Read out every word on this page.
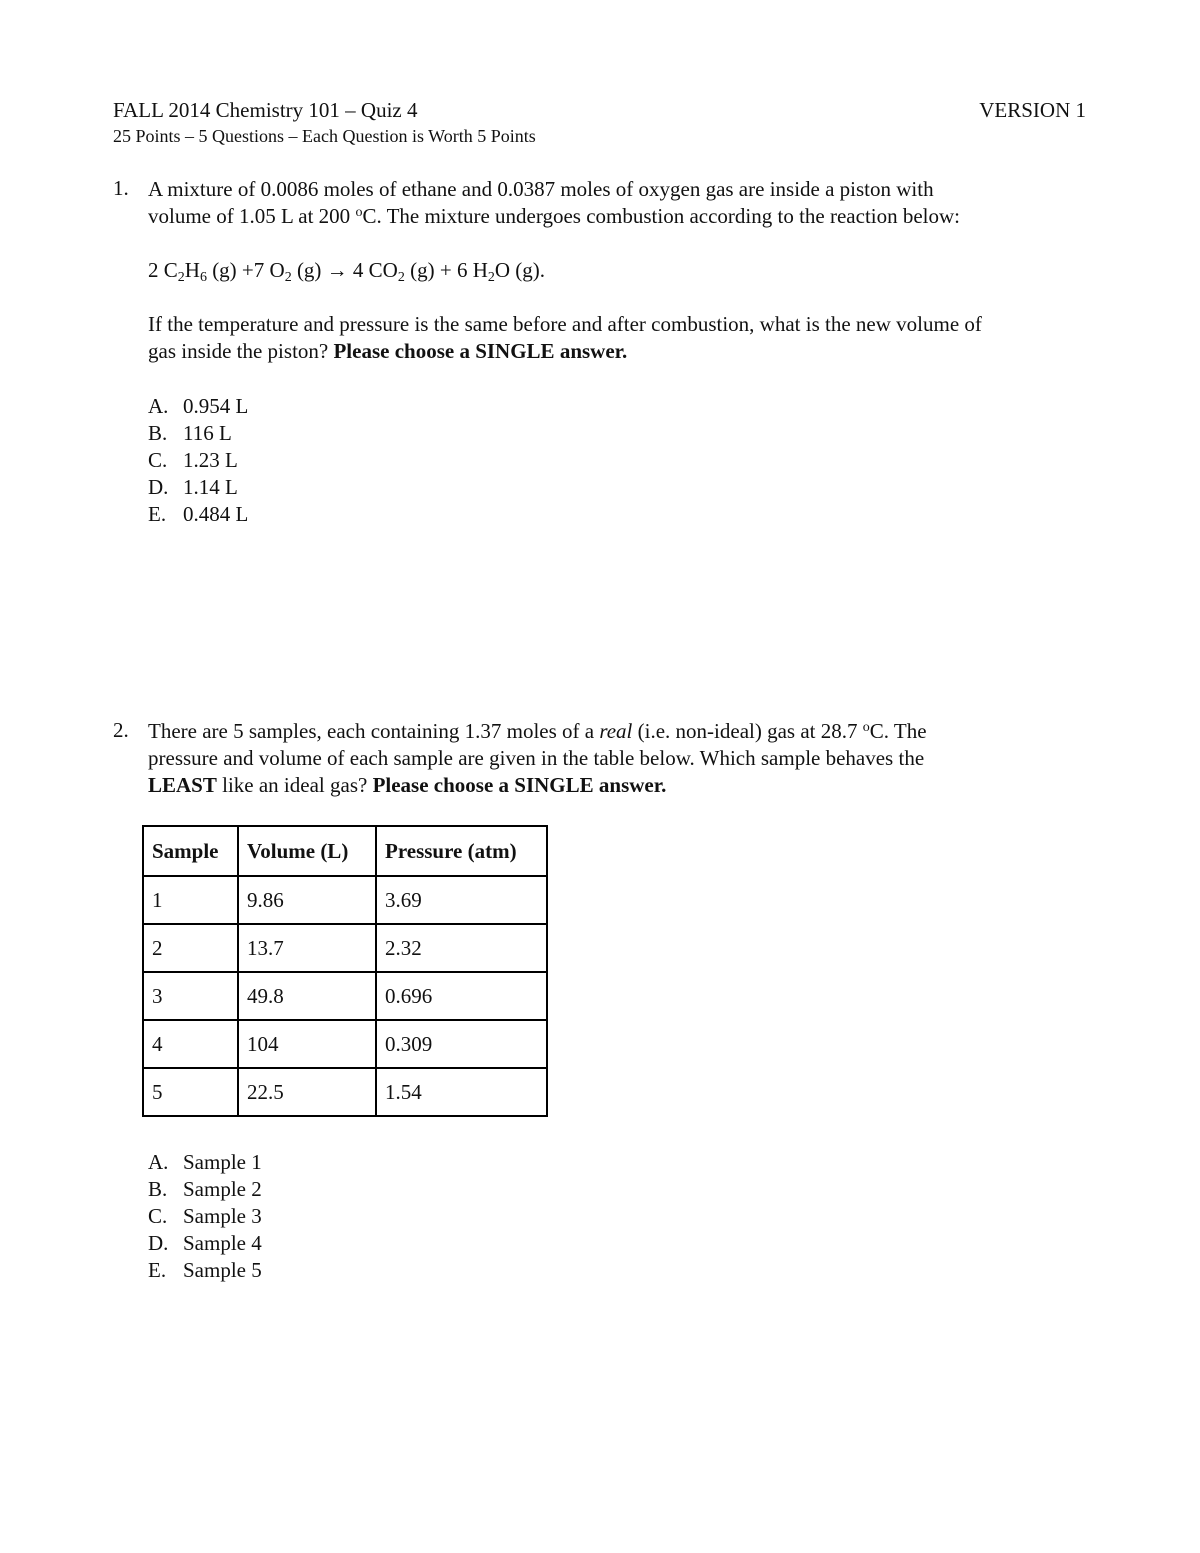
FALL 2014 Chemistry 101 – Quiz 4	VERSION 1
25 Points – 5 Questions – Each Question is Worth 5 Points
1. A mixture of 0.0086 moles of ethane and 0.0387 moles of oxygen gas are inside a piston with
volume of 1.05 L at 200 $^o$C. The mixture undergoes combustion according to the reaction below:
2 $C_2H_6$ (g) +7 $O_2$ (g) → 4 $CO_2$ (g) + 6 $H_2O$ (g).
If the temperature and pressure is the same before and after combustion, what is the new volume of
gas inside the piston? Please choose a SINGLE answer.
A. 0.954 L
B. 116 L
C. 1.23 L
D. 1.14 L
E. 0.484 L
2. There are 5 samples, each containing 1.37 moles of a real (i.e. non-ideal) gas at 28.7 $^o$C. The
pressure and volume of each sample are given in the table below. Which sample behaves the
LEAST like an ideal gas? Please choose a SINGLE answer.
Sample	Volume (L)	Pressure (atm)
1	9.86	3.69
2	13.7	2.32
3	49.8	0.696
4	104	0.309
5	22.5	1.54
A. Sample 1
B. Sample 2
C. Sample 3
D. Sample 4
E. Sample 5
